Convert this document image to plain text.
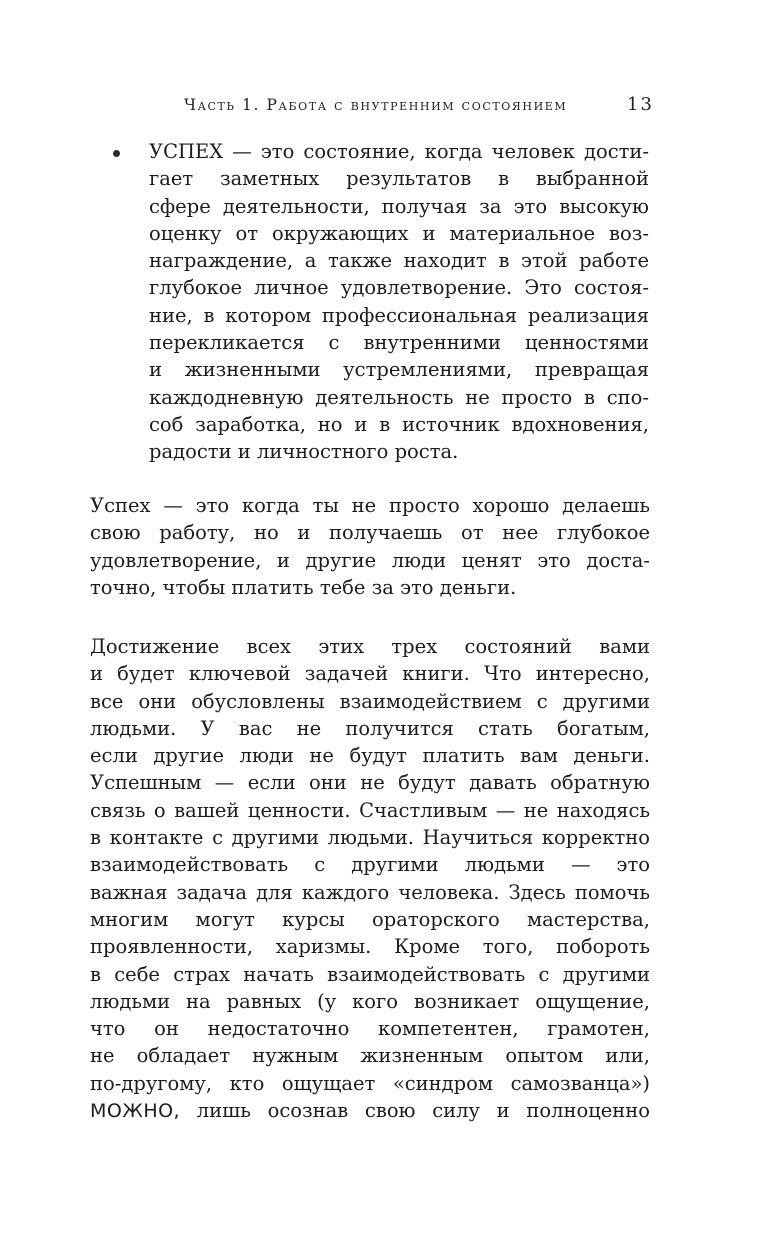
Часть 1. Работа с внутренним состоянием	13
УСПЕХ — это состояние, когда человек дости-
гает заметных результатов в выбранной
сфере деятельности, получая за это высокую
оценку от окружающих и материальное воз-
награждение, а также находит в этой работе
глубокое личное удовлетворение. Это состоя-
ние, в котором профессиональная реализация
перекликается с внутренними ценностями
и жизненными устремлениями, превращая
каждодневную деятельность не просто в спо-
соб заработка, но и в источник вдохновения,
радости и личностного роста.
Успех — это когда ты не просто хорошо делаешь
свою работу, но и получаешь от нее глубокое
удовлетворение, и другие люди ценят это доста-
точно, чтобы платить тебе за это деньги.
Достижение всех этих трех состояний вами
и будет ключевой задачей книги. Что интересно,
все они обусловлены взаимодействием с другими
людьми. У вас не получится стать богатым,
если другие люди не будут платить вам деньги.
Успешным — если они не будут давать обратную
связь о вашей ценности. Счастливым — не находясь
в контакте с другими людьми. Научиться корректно
взаимодействовать с другими людьми — это
важная задача для каждого человека. Здесь помочь
многим могут курсы ораторского мастерства,
проявленности, харизмы. Кроме того, побороть
в себе страх начать взаимодействовать с другими
людьми на равных (у кого возникает ощущение,
что он недостаточно компетентен, грамотен,
не обладает нужным жизненным опытом или,
по-другому, кто ощущает «синдром самозванца»)
МОЖНО, лишь осознав свою силу и полноценно
